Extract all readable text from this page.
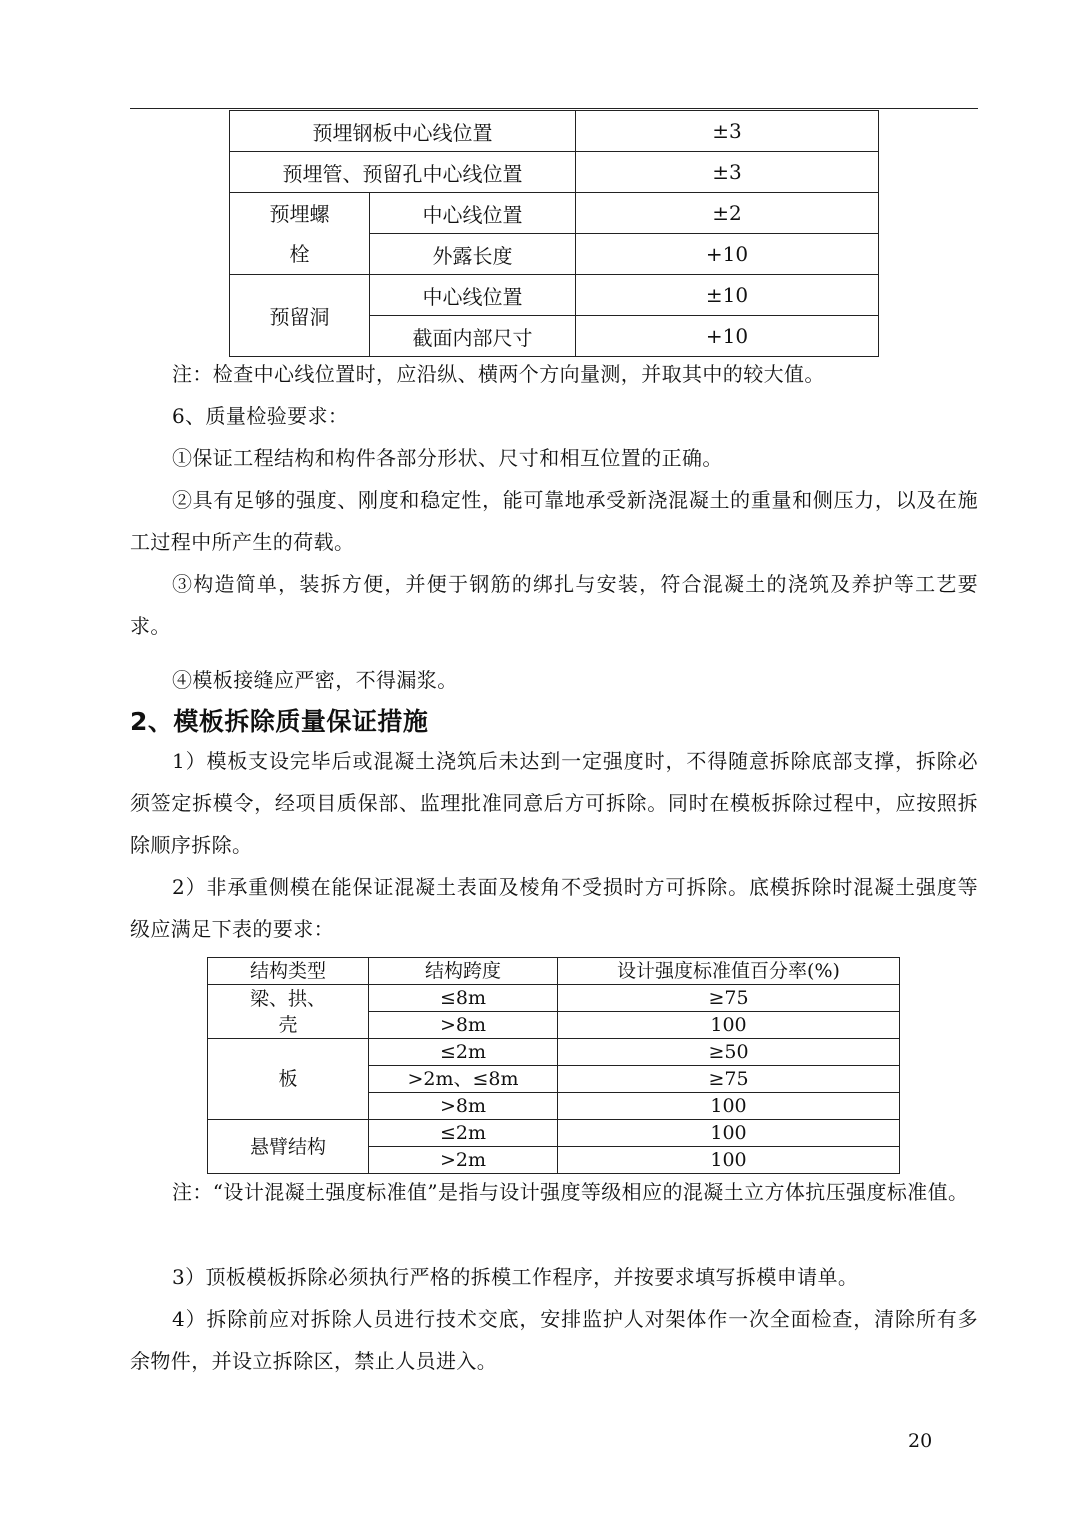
预埋钢板中心线位置		±3
预埋管、预留孔中心线位置		±3

预埋螺
栓	中心线位置	±2
	外露长度	+10
预留洞	中心线位置	±10
	截面内部尺寸	+10
注：检查中心线位置时，应沿纵、横两个方向量测，并取其中的较大值。
6、质量检验要求：
①保证工程结构和构件各部分形状、尺寸和相互位置的正确。
②具有足够的强度、刚度和稳定性，能可靠地承受新浇混凝土的重量和侧压力，以及在施工过程中所产生的荷载。
③构造简单，装拆方便，并便于钢筋的绑扎与安装，符合混凝土的浇筑及养护等工艺要求。
④模板接缝应严密，不得漏浆。
2、模板拆除质量保证措施
1）模板支设完毕后或混凝土浇筑后未达到一定强度时，不得随意拆除底部支撑，拆除必须签定拆模令，经项目质保部、监理批准同意后方可拆除。同时在模板拆除过程中，应按照拆除顺序拆除。
2）非承重侧模在能保证混凝土表面及棱角不受损时方可拆除。底模拆除时混凝土强度等级应满足下表的要求：
结构类型	结构跨度	设计强度标准值百分率(%)

梁、拱、
壳	≤8m	≥75
	>8m	100
板	≤2m	≥50
	>2m、≤8m	≥75
	>8m	100
悬臂结构	≤2m	100
	>2m	100
注：“设计混凝土强度标准值”是指与设计强度等级相应的混凝土立方体抗压强度标准值。
3）顶板模板拆除必须执行严格的拆模工作程序，并按要求填写拆模申请单。
4）拆除前应对拆除人员进行技术交底，安排监护人对架体作一次全面检查，清除所有多余物件，并设立拆除区，禁止人员进入。
20
